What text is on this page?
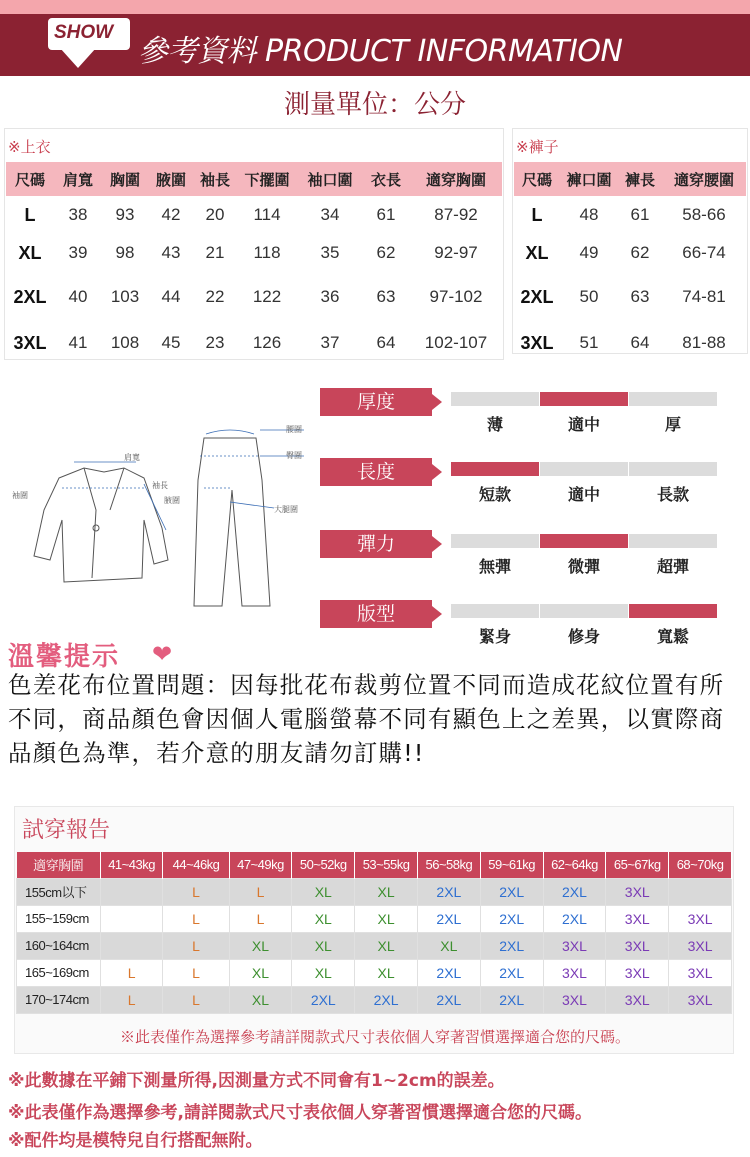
SHOW
參考資料 PRODUCT INFORMATION
測量單位：公分
※上衣
尺碼	肩寬	胸圍	腋圍	袖長	下擺圍	袖口圍	衣長	適穿胸圍
L	38	93	42	20	114	34	61	87-92
XL	39	98	43	21	118	35	62	92-97
2XL	40	103	44	22	122	36	63	97-102
3XL	41	108	45	23	126	37	64	102-107
※褲子
尺碼	褲口圍	褲長	適穿腰圍
L	48	61	58-66
XL	49	62	66-74
2XL	50	63	74-81
3XL	51	64	81-88
肩寬
袖圍
袖長
腋圍
腰圍
臀圍
大腿圍
厚度
薄	適中	厚
長度
短款	適中	長款
彈力
無彈	微彈	超彈
版型
緊身	修身	寬鬆
溫馨提示 ❤
色差花布位置問題：因每批花布裁剪位置不同而造成花紋位置有所不同，商品顏色會因個人電腦螢幕不同有顯色上之差異，以實際商品顏色為準，若介意的朋友請勿訂購!!
試穿報告
適穿胸圍	41~43kg	44~46kg	47~49kg	50~52kg	53~55kg	56~58kg	59~61kg	62~64kg	65~67kg	68~70kg
155cm以下		L	L	XL	XL	2XL	2XL	2XL	3XL	
155~159cm		L	L	XL	XL	2XL	2XL	2XL	3XL	3XL
160~164cm		L	XL	XL	XL	XL	2XL	3XL	3XL	3XL
165~169cm	L	L	XL	XL	XL	2XL	2XL	3XL	3XL	3XL
170~174cm	L	L	XL	2XL	2XL	2XL	2XL	3XL	3XL	3XL
※此表僅作為選擇參考請詳閱款式尺寸表依個人穿著習慣選擇適合您的尺碼。
※此數據在平鋪下測量所得,因測量方式不同會有1~2cm的誤差。
※此表僅作為選擇參考,請詳閱款式尺寸表依個人穿著習慣選擇適合您的尺碼。
※配件均是模特兒自行搭配無附。
